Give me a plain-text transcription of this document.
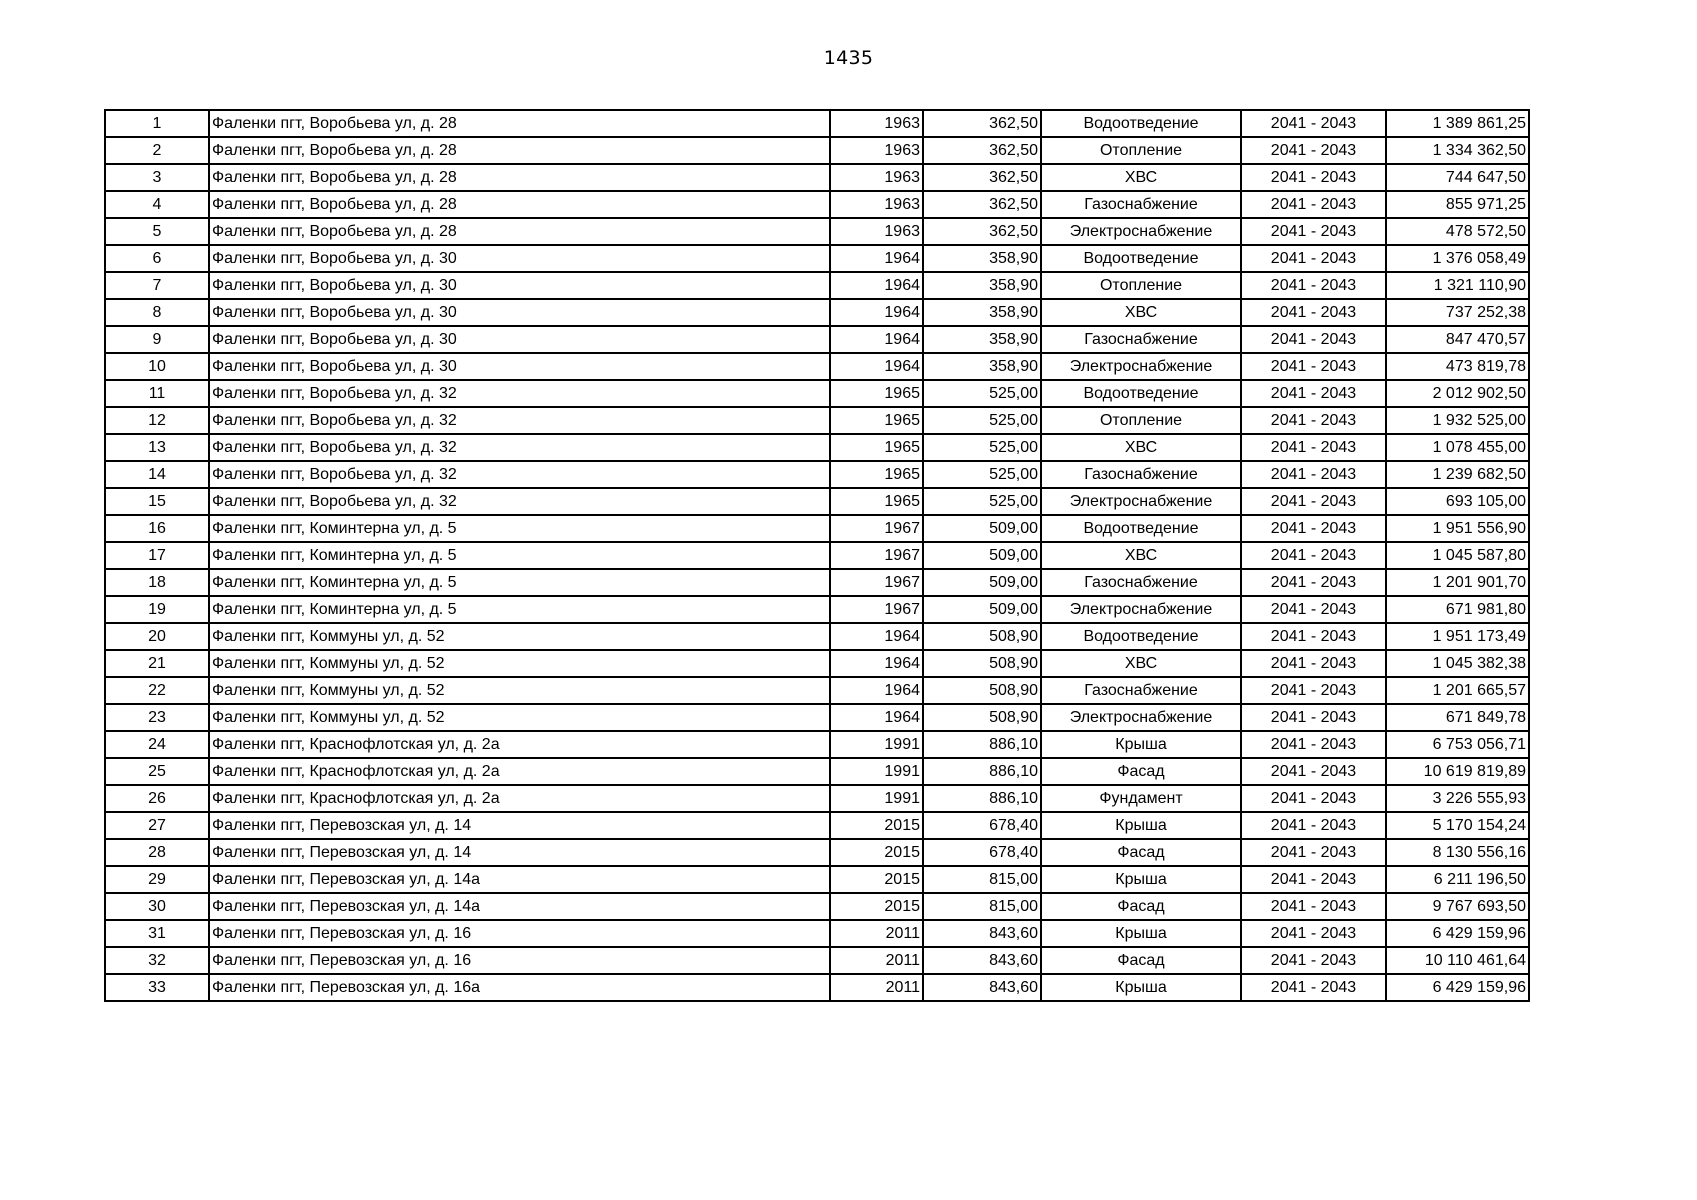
1435
1	Фаленки пгт, Воробьева ул, д. 28	1963	362,50	Водоотведение	2041 - 2043	1 389 861,25
2	Фаленки пгт, Воробьева ул, д. 28	1963	362,50	Отопление	2041 - 2043	1 334 362,50
3	Фаленки пгт, Воробьева ул, д. 28	1963	362,50	ХВС	2041 - 2043	744 647,50
4	Фаленки пгт, Воробьева ул, д. 28	1963	362,50	Газоснабжение	2041 - 2043	855 971,25
5	Фаленки пгт, Воробьева ул, д. 28	1963	362,50	Электроснабжение	2041 - 2043	478 572,50
6	Фаленки пгт, Воробьева ул, д. 30	1964	358,90	Водоотведение	2041 - 2043	1 376 058,49
7	Фаленки пгт, Воробьева ул, д. 30	1964	358,90	Отопление	2041 - 2043	1 321 110,90
8	Фаленки пгт, Воробьева ул, д. 30	1964	358,90	ХВС	2041 - 2043	737 252,38
9	Фаленки пгт, Воробьева ул, д. 30	1964	358,90	Газоснабжение	2041 - 2043	847 470,57
10	Фаленки пгт, Воробьева ул, д. 30	1964	358,90	Электроснабжение	2041 - 2043	473 819,78
11	Фаленки пгт, Воробьева ул, д. 32	1965	525,00	Водоотведение	2041 - 2043	2 012 902,50
12	Фаленки пгт, Воробьева ул, д. 32	1965	525,00	Отопление	2041 - 2043	1 932 525,00
13	Фаленки пгт, Воробьева ул, д. 32	1965	525,00	ХВС	2041 - 2043	1 078 455,00
14	Фаленки пгт, Воробьева ул, д. 32	1965	525,00	Газоснабжение	2041 - 2043	1 239 682,50
15	Фаленки пгт, Воробьева ул, д. 32	1965	525,00	Электроснабжение	2041 - 2043	693 105,00
16	Фаленки пгт, Коминтерна ул, д. 5	1967	509,00	Водоотведение	2041 - 2043	1 951 556,90
17	Фаленки пгт, Коминтерна ул, д. 5	1967	509,00	ХВС	2041 - 2043	1 045 587,80
18	Фаленки пгт, Коминтерна ул, д. 5	1967	509,00	Газоснабжение	2041 - 2043	1 201 901,70
19	Фаленки пгт, Коминтерна ул, д. 5	1967	509,00	Электроснабжение	2041 - 2043	671 981,80
20	Фаленки пгт, Коммуны ул, д. 52	1964	508,90	Водоотведение	2041 - 2043	1 951 173,49
21	Фаленки пгт, Коммуны ул, д. 52	1964	508,90	ХВС	2041 - 2043	1 045 382,38
22	Фаленки пгт, Коммуны ул, д. 52	1964	508,90	Газоснабжение	2041 - 2043	1 201 665,57
23	Фаленки пгт, Коммуны ул, д. 52	1964	508,90	Электроснабжение	2041 - 2043	671 849,78
24	Фаленки пгт, Краснофлотская ул, д. 2а	1991	886,10	Крыша	2041 - 2043	6 753 056,71
25	Фаленки пгт, Краснофлотская ул, д. 2а	1991	886,10	Фасад	2041 - 2043	10 619 819,89
26	Фаленки пгт, Краснофлотская ул, д. 2а	1991	886,10	Фундамент	2041 - 2043	3 226 555,93
27	Фаленки пгт, Перевозская ул, д. 14	2015	678,40	Крыша	2041 - 2043	5 170 154,24
28	Фаленки пгт, Перевозская ул, д. 14	2015	678,40	Фасад	2041 - 2043	8 130 556,16
29	Фаленки пгт, Перевозская ул, д. 14а	2015	815,00	Крыша	2041 - 2043	6 211 196,50
30	Фаленки пгт, Перевозская ул, д. 14а	2015	815,00	Фасад	2041 - 2043	9 767 693,50
31	Фаленки пгт, Перевозская ул, д. 16	2011	843,60	Крыша	2041 - 2043	6 429 159,96
32	Фаленки пгт, Перевозская ул, д. 16	2011	843,60	Фасад	2041 - 2043	10 110 461,64
33	Фаленки пгт, Перевозская ул, д. 16а	2011	843,60	Крыша	2041 - 2043	6 429 159,96
